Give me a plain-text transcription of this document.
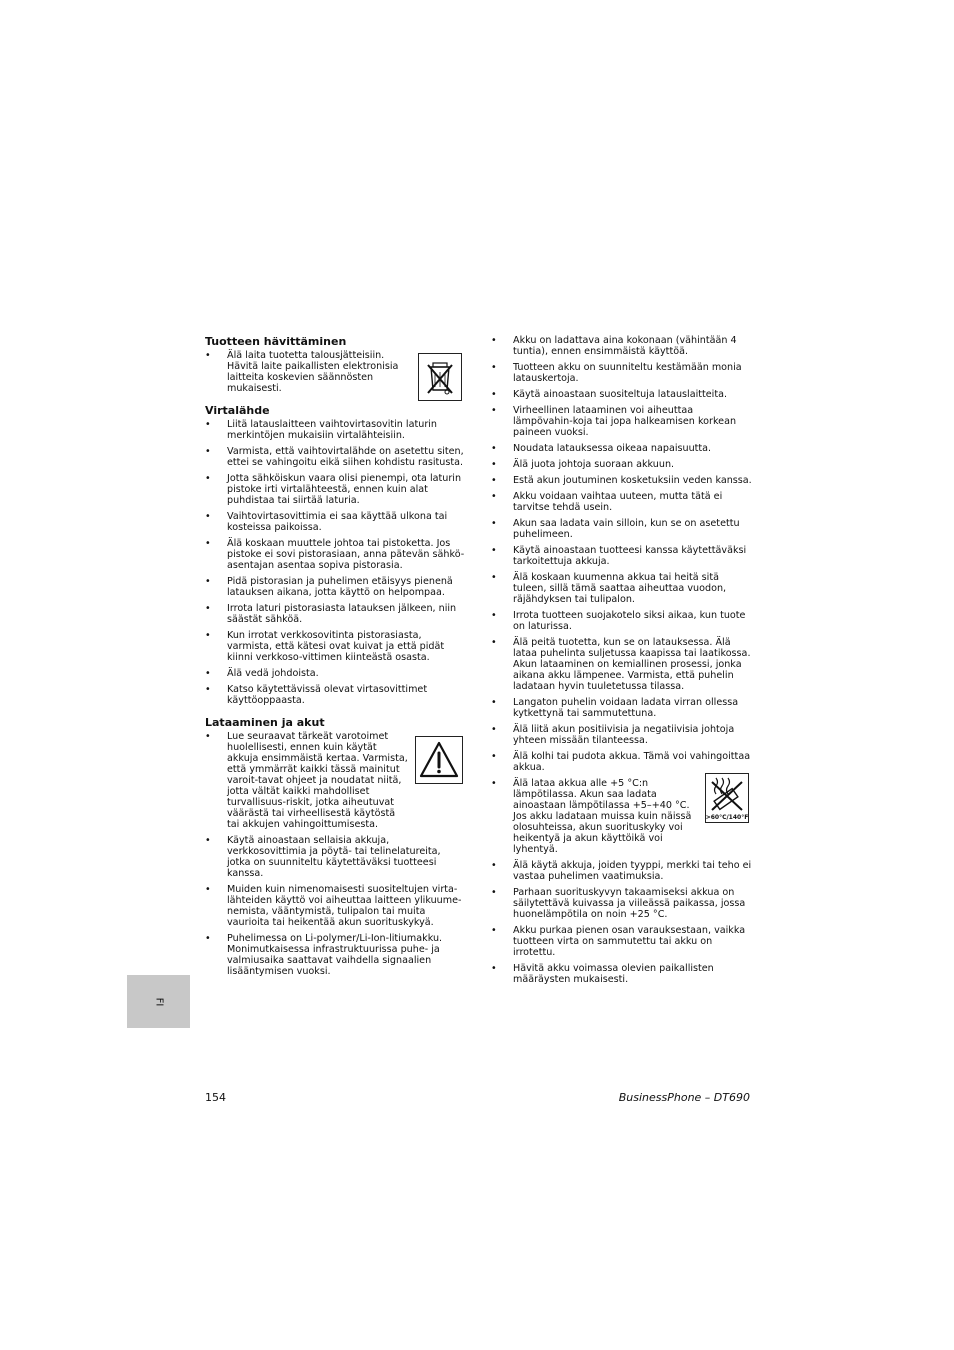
Tuotteen hävittäminen
• Älä laita tuotetta talousjätteisiin. Hävitä laite paikallisten elektronisia laitteita koskevien säännösten mukaisesti.
Virtalähde
• Liitä latauslaitteen vaihtovirtasovitin laturin merkintöjen mukaisiin virtalähteisiin.
• Varmista, että vaihtovirtalähde on asetettu siten, ettei se vahingoitu eikä siihen kohdistu rasitusta.
• Jotta sähköiskun vaara olisi pienempi, ota laturin pistoke irti virtalähteestä, ennen kuin alat puhdistaa tai siirtää laturia.
• Vaihtovirtasovittimia ei saa käyttää ulkona tai kosteissa paikoissa.
• Älä koskaan muuttele johtoa tai pistoketta. Jos pistoke ei sovi pistorasiaan, anna pätevän sähkö-asentajan asentaa sopiva pistorasia.
• Pidä pistorasian ja puhelimen etäisyys pienenä latauksen aikana, jotta käyttö on helpompaa.
• Irrota laturi pistorasiasta latauksen jälkeen, niin säästät sähköä.
• Kun irrotat verkkosovitinta pistorasiasta, varmista, että kätesi ovat kuivat ja että pidät kiinni verkkoso-vittimen kiinteästä osasta.
• Älä vedä johdoista.
• Katso käytettävissä olevat virtasovittimet käyttöoppaasta.
Lataaminen ja akut
• Lue seuraavat tärkeät varotoimet huolellisesti, ennen kuin käytät akkuja ensimmäistä kertaa. Varmista, että ymmärrät kaikki tässä mainitut varoit-tavat ohjeet ja noudatat niitä, jotta vältät kaikki mahdolliset turvallisuus-riskit, jotka aiheutuvat väärästä tai virheellisestä käytöstä tai akkujen vahingoittumisesta.
• Käytä ainoastaan sellaisia akkuja, verkkosovittimia ja pöytä- tai telinelatureita, jotka on suunniteltu käytettäväksi tuotteesi kanssa.
• Muiden kuin nimenomaisesti suositeltujen virta-lähteiden käyttö voi aiheuttaa laitteen ylikuume-nemista, vääntymistä, tulipalon tai muita vaurioita tai heikentää akun suorituskykyä.
• Puhelimessa on Li-polymer/Li-Ion-litiumakku. Monimutkaisessa infrastruktuurissa puhe- ja valmiusaika saattavat vaihdella signaalien lisääntymisen vuoksi.
• Akku on ladattava aina kokonaan (vähintään 4 tuntia), ennen ensimmäistä käyttöä.
• Tuotteen akku on suunniteltu kestämään monia latauskertoja.
• Käytä ainoastaan suositeltuja latauslaitteita.
• Virheellinen lataaminen voi aiheuttaa lämpövahin-koja tai jopa halkeamisen korkean paineen vuoksi.
• Noudata latauksessa oikeaa napaisuutta.
• Älä juota johtoja suoraan akkuun.
• Estä akun joutuminen kosketuksiin veden kanssa.
• Akku voidaan vaihtaa uuteen, mutta tätä ei tarvitse tehdä usein.
• Akun saa ladata vain silloin, kun se on asetettu puhelimeen.
• Käytä ainoastaan tuotteesi kanssa käytettäväksi tarkoitettuja akkuja.
• Älä koskaan kuumenna akkua tai heitä sitä tuleen, sillä tämä saattaa aiheuttaa vuodon, räjähdyksen tai tulipalon.
• Irrota tuotteen suojakotelo siksi aikaa, kun tuote on laturissa.
• Älä peitä tuotetta, kun se on latauksessa. Älä lataa puhelinta suljetussa kaapissa tai laatikossa. Akun lataaminen on kemiallinen prosessi, jonka aikana akku lämpenee. Varmista, että puhelin ladataan hyvin tuuletetussa tilassa.
• Langaton puhelin voidaan ladata virran ollessa kytkettynä tai sammutettuna.
• Älä liitä akun positiivisia ja negatiivisia johtoja yhteen missään tilanteessa.
• Älä kolhi tai pudota akkua. Tämä voi vahingoittaa akkua.
• Älä lataa akkua alle +5 °C:n lämpötilassa. Akun saa ladata ainoastaan lämpötilassa +5–+40 °C. Jos akku ladataan muissa kuin näissä olosuhteissa, akun suorituskyky voi heikentyä ja akun käyttöikä voi lyhentyä.
• Älä käytä akkuja, joiden tyyppi, merkki tai teho ei vastaa puhelimen vaatimuksia.
• Parhaan suorituskyvyn takaamiseksi akkua on säilytettävä kuivassa ja viileässä paikassa, jossa huonelämpötila on noin +25 °C.
• Akku purkaa pienen osan varauksestaan, vaikka tuotteen virta on sammutettu tai akku on irrotettu.
• Hävitä akku voimassa olevien paikallisten määräysten mukaisesti.
>60°C/140°F
FI
154	BusinessPhone – DT690
